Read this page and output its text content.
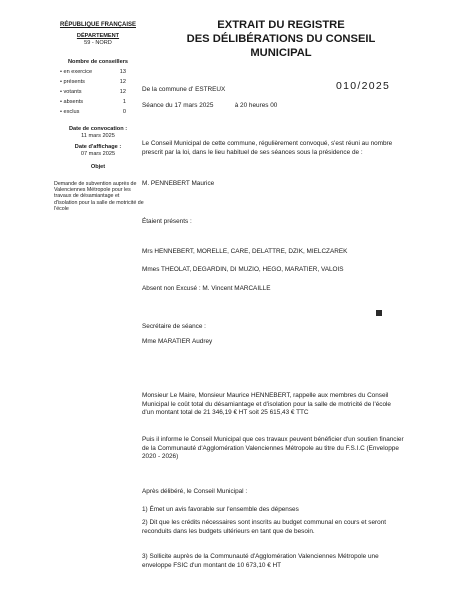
RÉPUBLIQUE FRANÇAISE
DÉPARTEMENT
59 - NORD
Nombre de conseillers
• en exercice	13
• présents	12
• votants	12
• absents	1
• exclus	0
Date de convocation :
11 mars 2025
Date d'affichage :
07 mars 2025
Objet
Demande de subvention auprès de Valenciennes Métropole pour les travaux de désamiantage et d'isolation pour la salle de motricité de l'école
EXTRAIT DU REGISTRE
DES DÉLIBÉRATIONS DU CONSEIL
MUNICIPAL
010/2025
De la commune d' ESTREUX
Séance du 17 mars 2025            à 20 heures 00
Le Conseil Municipal de cette commune, régulièrement convoqué, s'est réuni au nombre prescrit par la loi, dans le lieu habituel de ses séances sous la présidence de :
M. PENNEBERT Maurice
Étaient présents :
Mrs HENNEBERT, MORELLE, CARE, DELATTRE, DZIK, MIELCZAREK
Mmes THEOLAT, DEGARDIN, DI MUZIO, HEGO, MARATIER, VALOIS
Absent non Excusé : M. Vincent MARCAILLE
Secrétaire de séance :
Mme MARATIER Audrey
Monsieur Le Maire, Monsieur Maurice HENNEBERT, rappelle aux membres du Conseil Municipal le coût total du désamiantage et d'isolation pour la salle de motricité de l'école d'un montant total de 21 346,19 € HT soit 25 615,43 € TTC
Puis il informe le Conseil Municipal que ces travaux peuvent bénéficier d'un soutien financier de la Communauté d'Agglomération Valenciennes Métropole au titre du F.S.I.C (Enveloppe 2020 - 2026)
Après délibéré, le Conseil Municipal :
1) Émet un avis favorable sur l'ensemble des dépenses
2) Dit que les crédits nécessaires sont inscrits au budget communal en cours et seront reconduits dans les budgets ultérieurs en tant que de besoin.
3) Sollicite auprès de la Communauté d'Agglomération Valenciennes Métropole une enveloppe FSIC d'un montant de 10 673,10 € HT
